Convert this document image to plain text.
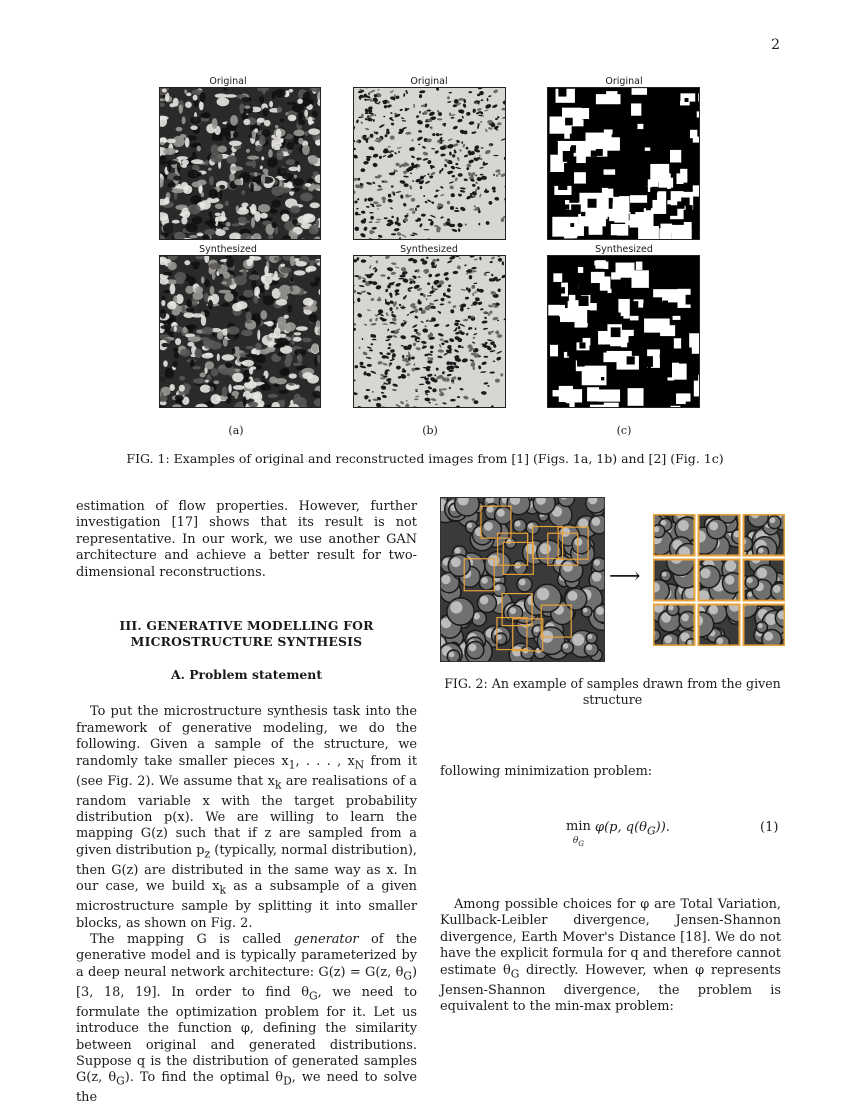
2
Original
Synthesized
(a)
Original
Synthesized
(b)
Original
Synthesized
(c)
FIG. 1: Examples of original and reconstructed images from [1] (Figs. 1a, 1b) and [2] (Fig. 1c)

estimation of flow properties. However, further investigation [17] shows that its result is not representative. In our work, we use another GAN architecture and achieve a better result for two-dimensional reconstructions.

III. GENERATIVE MODELLING FOR
MICROSTRUCTURE SYNTHESIS
A. Problem statement

To put the microstructure synthesis task into the framework of generative modeling, we do the following. Given a sample of the structure, we randomly take smaller pieces $x_1$, . . . , $x_N$ from it (see Fig. 2). We assume that $x_k$ are realisations of a random variable x with the target probability distribution p(x). We are willing to learn the mapping G(z) such that if z are sampled from a given distribution $p_z$ (typically, normal distribution), then G(z) are distributed in the same way as x. In our case, we build $x_k$ as a subsample of a given microstructure sample by splitting it into smaller blocks, as shown on Fig. 2.

The mapping G is called generator of the generative model and is typically parameterized by a deep neural network architecture: G(z) = G(z, $\theta_G$) [3, 18, 19]. In order to find $\theta_G$, we need to formulate the optimization problem for it. Let us introduce the function φ, defining the similarity between original and generated distributions. Suppose q is the distribution of generated samples G(z, $\theta_G$). To find the optimal $\theta_D$, we need to solve the

⟶
FIG. 2: An example of samples drawn from the given
structure
following minimization problem:
min
$\theta_G$ φ(p, $q(\theta_G)$).	(1)

Among possible choices for φ are Total Variation, Kullback-Leibler divergence, Jensen-Shannon divergence, Earth Mover's Distance [18]. We do not have the explicit formula for q and therefore cannot estimate $\theta_G$ directly. However, when φ represents Jensen-Shannon divergence, the problem is equivalent to the min-max problem:
